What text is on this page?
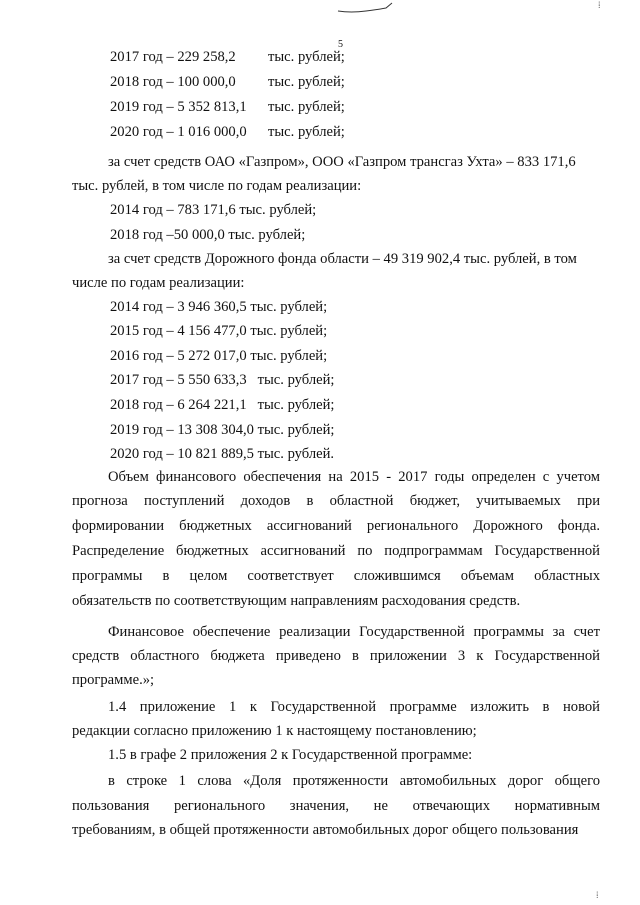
5
2017 год – 229 258,2 тыс. рублей;
2018 год – 100 000,0 тыс. рублей;
2019 год – 5 352 813,1 тыс. рублей;
2020 год – 1 016 000,0 тыс. рублей;
за счет средств ОАО «Газпром», ООО «Газпром трансгаз Ухта» – 833 171,6
тыс. рублей, в том числе по годам реализации:
2014 год – 783 171,6 тыс. рублей;
2018 год –50 000,0 тыс. рублей;
за счет средств Дорожного фонда области – 49 319 902,4 тыс. рублей, в том
числе по годам реализации:
2014 год – 3 946 360,5 тыс. рублей;
2015 год – 4 156 477,0 тыс. рублей;
2016 год – 5 272 017,0 тыс. рублей;
2017 год – 5 550 633,3   тыс. рублей;
2018 год – 6 264 221,1   тыс. рублей;
2019 год – 13 308 304,0 тыс. рублей;
2020 год – 10 821 889,5 тыс. рублей.
Объем финансового обеспечения на 2015 - 2017 годы определен с учетом
прогноза поступлений доходов в областной бюджет, учитываемых при
формировании бюджетных ассигнований регионального Дорожного фонда.
Распределение бюджетных ассигнований по подпрограммам Государственной
программы в целом соответствует сложившимся объемам областных
обязательств по соответствующим направлениям расходования средств.
Финансовое обеспечение реализации Государственной программы за счет
средств областного бюджета приведено в приложении 3 к Государственной
программе.»;
1.4 приложение 1 к Государственной программе изложить в новой
редакции согласно приложению 1 к настоящему постановлению;
1.5 в графе 2 приложения 2 к Государственной программе:
в строке 1 слова «Доля протяженности автомобильных дорог общего
пользования регионального значения, не отвечающих нормативным
требованиям, в общей протяженности автомобильных дорог общего пользования
⁞
⁞
